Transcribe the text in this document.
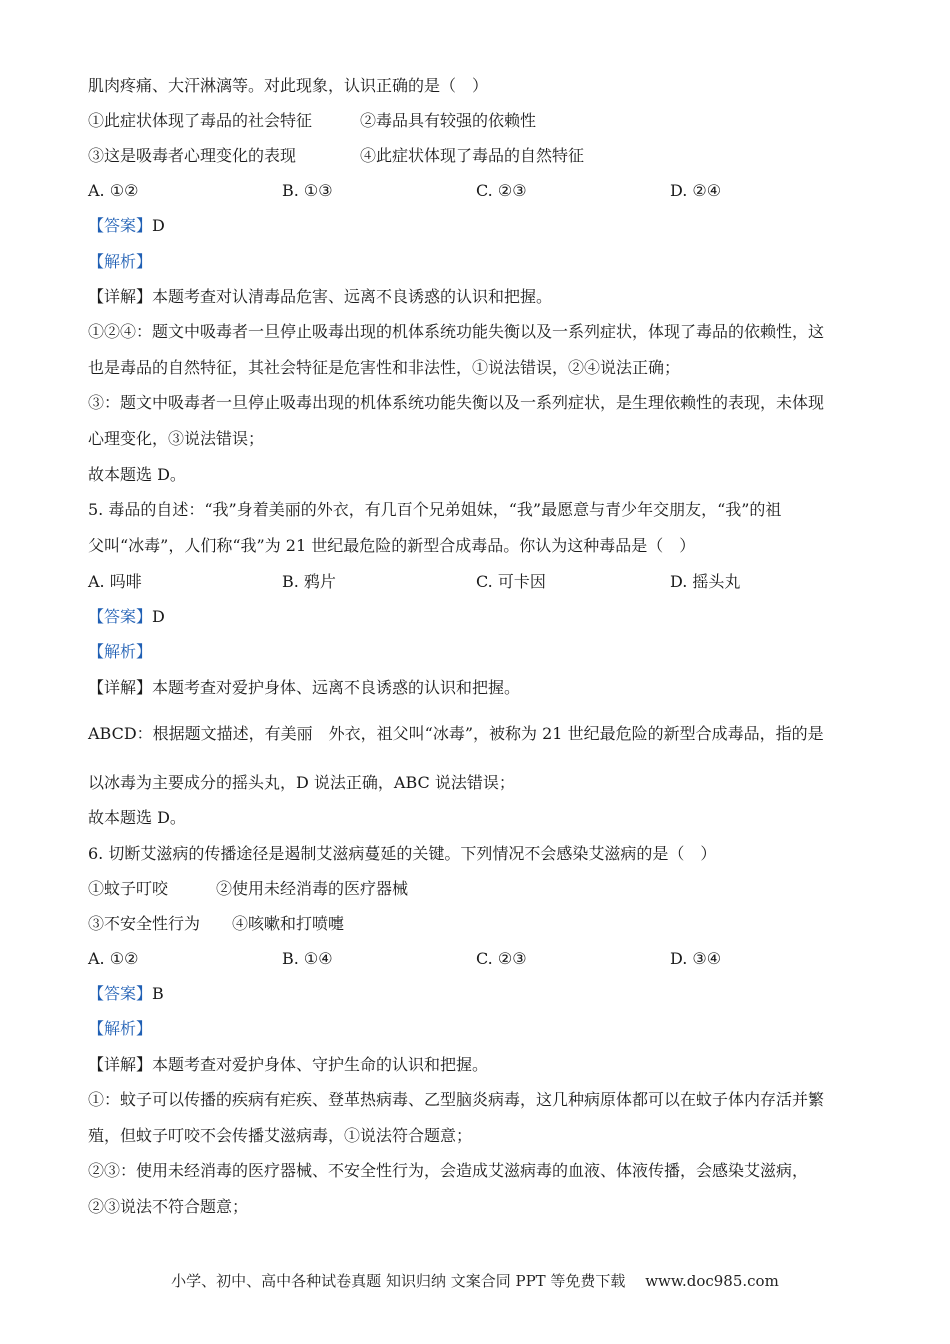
肌肉疼痛、大汗淋漓等。对此现象，认识正确的是（　）
①此症状体现了毒品的社会特征　　　②毒品具有较强的依赖性
③这是吸毒者心理变化的表现　　　　④此症状体现了毒品的自然特征
A. ①②	B. ①③	C. ②③	D. ②④
【答案】D
【解析】
【详解】本题考查对认清毒品危害、远离不良诱惑的认识和把握。
①②④：题文中吸毒者一旦停止吸毒出现的机体系统功能失衡以及一系列症状，体现了毒品的依赖性，这
也是毒品的自然特征，其社会特征是危害性和非法性，①说法错误，②④说法正确；
③：题文中吸毒者一旦停止吸毒出现的机体系统功能失衡以及一系列症状，是生理依赖性的表现，未体现
心理变化，③说法错误；
故本题选 D。
5. 毒品的自述：“我”身着美丽的外衣，有几百个兄弟姐妹，“我”最愿意与青少年交朋友，“我”的祖
父叫“冰毒”，人们称“我”为 21 世纪最危险的新型合成毒品。你认为这种毒品是（　）
A. 吗啡	B. 鸦片	C. 可卡因	D. 摇头丸
【答案】D
【解析】
【详解】本题考查对爱护身体、远离不良诱惑的认识和把握。
ABCD：根据题文描述，有美丽　外衣，祖父叫“冰毒”，被称为 21 世纪最危险的新型合成毒品，指的是
以冰毒为主要成分的摇头丸，D 说法正确，ABC 说法错误；
故本题选 D。
6. 切断艾滋病的传播途径是遏制艾滋病蔓延的关键。下列情况不会感染艾滋病的是（　）
①蚊子叮咬　　　②使用未经消毒的医疗器械
③不安全性行为　　④咳嗽和打喷嚏
A. ①②	B. ①④	C. ②③	D. ③④
【答案】B
【解析】
【详解】本题考查对爱护身体、守护生命的认识和把握。
①：蚊子可以传播的疾病有疟疾、登革热病毒、乙型脑炎病毒，这几种病原体都可以在蚊子体内存活并繁
殖，但蚊子叮咬不会传播艾滋病毒，①说法符合题意；
②③：使用未经消毒的医疗器械、不安全性行为，会造成艾滋病毒的血液、体液传播，会感染艾滋病，
②③说法不符合题意；
小学、初中、高中各种试卷真题 知识归纳 文案合同 PPT 等免费下载　 www.doc985.com
